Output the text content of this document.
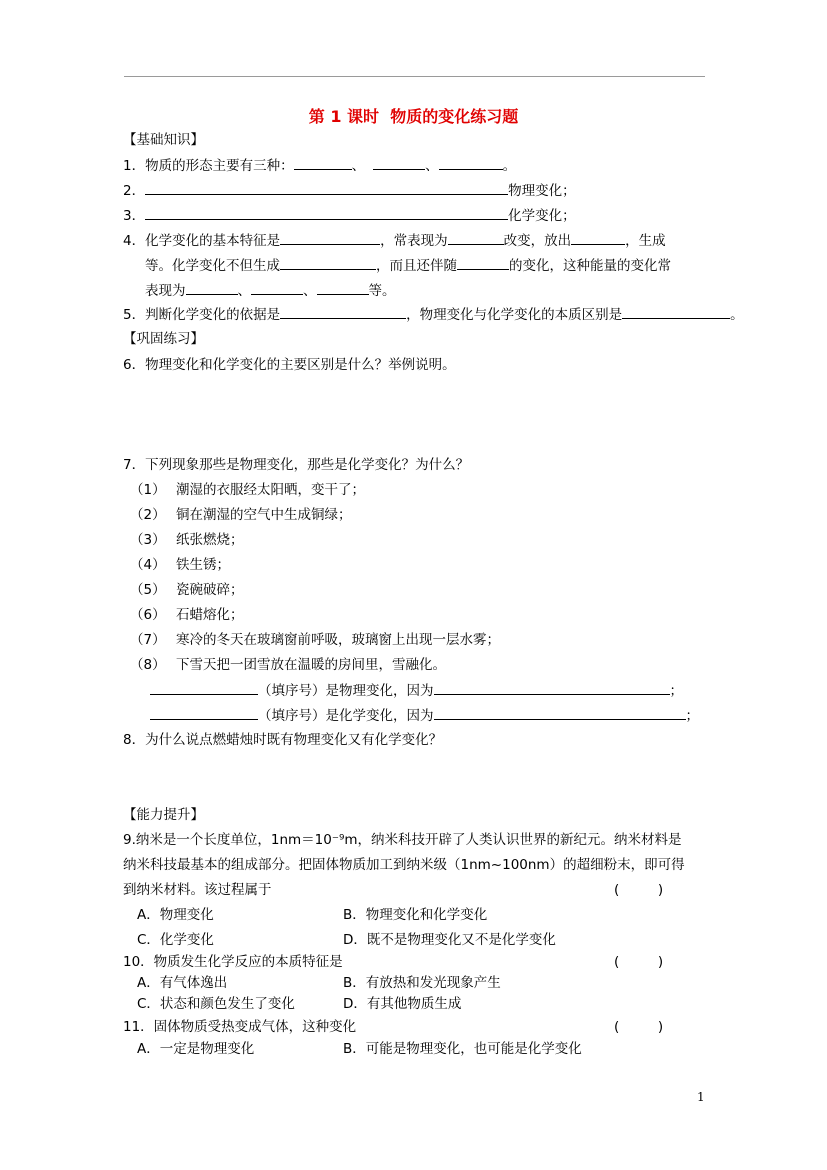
第 1 课时  物质的变化练习题
【基础知识】
1．物质的形态主要有三种：	、	、	。
2．	物理变化；
3．	化学变化；
4．化学变化的基本特征是	，常表现为	改变，放出	，生成
等。化学变化不但生成	，而且还伴随	的变化，这种能量的变化常
表现为	、	、	等。
5．判断化学变化的依据是	，物理变化与化学变化的本质区别是	。
【巩固练习】
6．物理变化和化学变化的主要区别是什么？举例说明。
7．下列现象那些是物理变化，那些是化学变化？为什么？
（1） 潮湿的衣服经太阳晒，变干了；
（2） 铜在潮湿的空气中生成铜绿；
（3） 纸张燃烧；
（4） 铁生锈；
（5） 瓷碗破碎；
（6） 石蜡熔化；
（7） 寒冷的冬天在玻璃窗前呼吸，玻璃窗上出现一层水雾；
（8） 下雪天把一团雪放在温暖的房间里，雪融化。
（填序号）是物理变化，因为	；
（填序号）是化学变化，因为	；
8．为什么说点燃蜡烛时既有物理变化又有化学变化？
【能力提升】
9.纳米是一个长度单位，1nm＝10⁻⁹m，纳米科技开辟了人类认识世界的新纪元。纳米材料是
纳米科技最基本的组成部分。把固体物质加工到纳米级（1nm~100nm）的超细粉末，即可得
到纳米材料。该过程属于	(         )
A．物理变化	B．物理变化和化学变化
C．化学变化	D．既不是物理变化又不是化学变化
10．物质发生化学反应的本质特征是	(         )
A．有气体逸出	B．有放热和发光现象产生
C．状态和颜色发生了变化	D．有其他物质生成
11．固体物质受热变成气体，这种变化	(         )
A．一定是物理变化	B．可能是物理变化，也可能是化学变化
1
